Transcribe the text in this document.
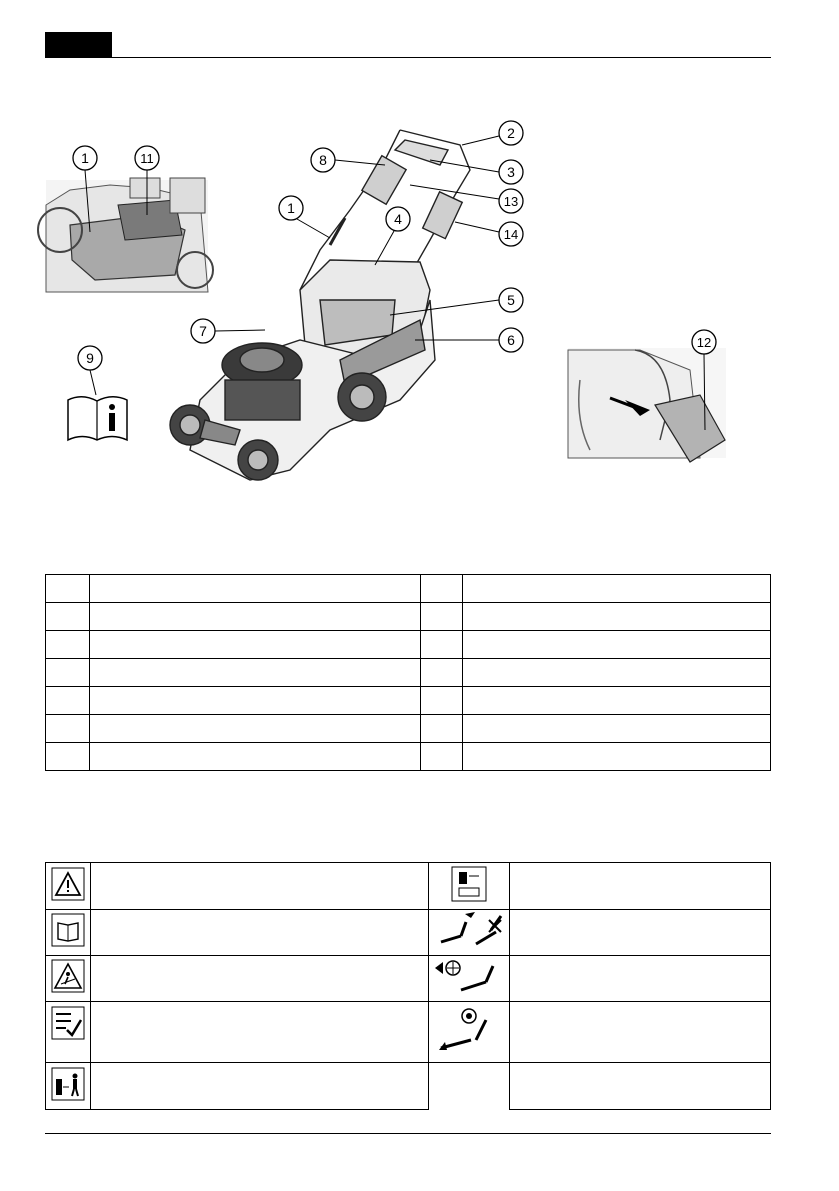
1	11
9
2
8
3
13
1
4
14
5
7
6	12
